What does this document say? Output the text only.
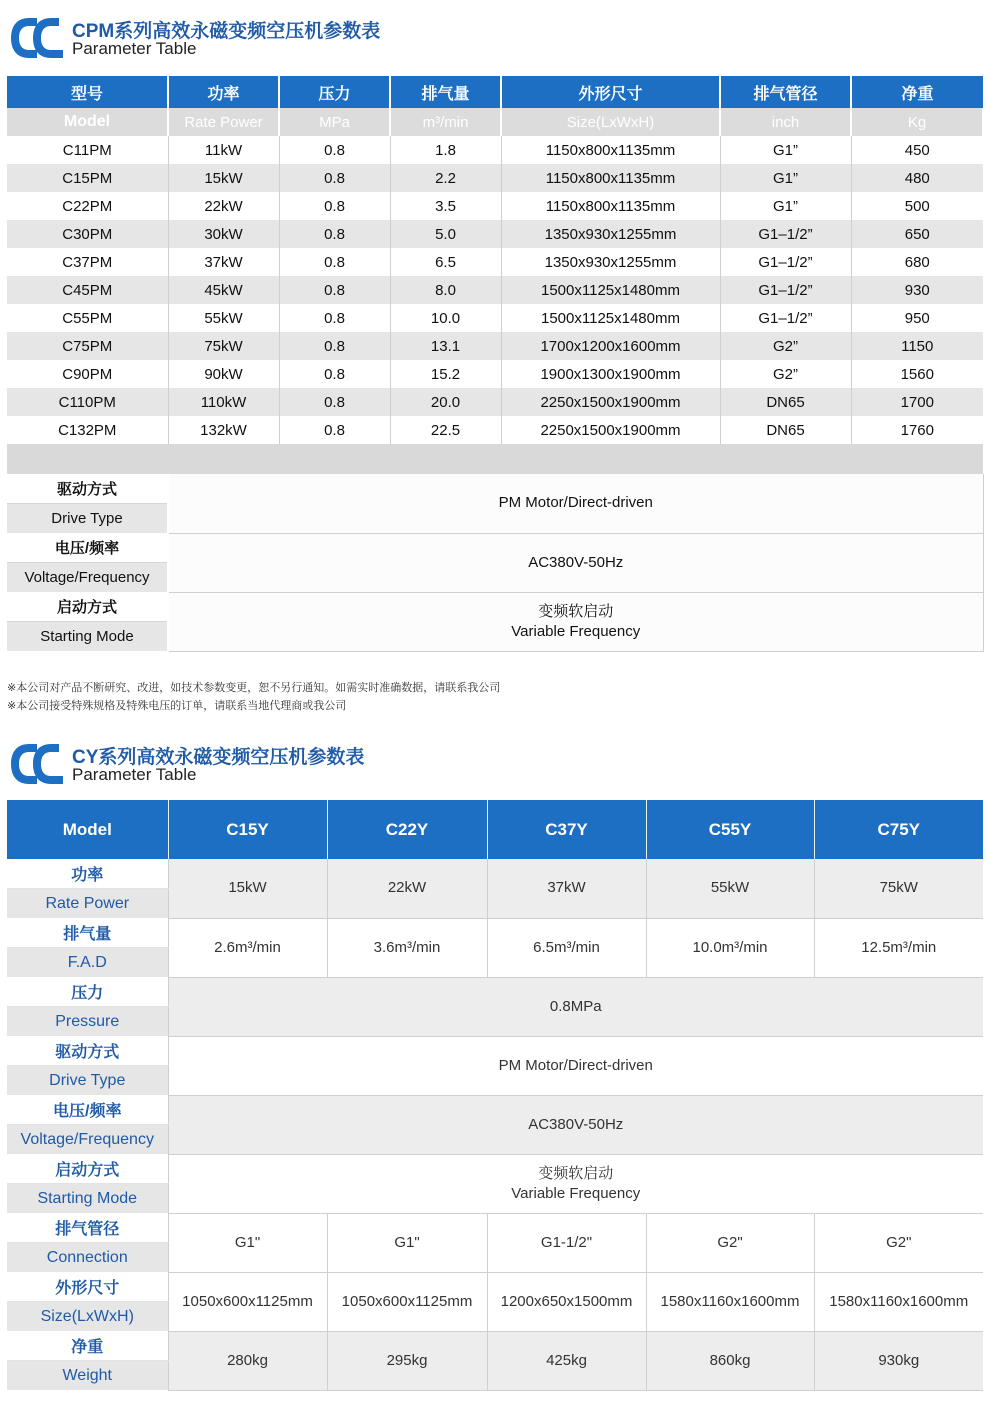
CPM系列高效永磁变频空压机参数表
Parameter Table
型号	功率	压力	排气量	外形尺寸	排气管径	净重
Model	Rate Power	MPa	m³/min	Size(LxWxH)	inch	Kg
C11PM	11kW	0.8	1.8	1150x800x1135mm	G1”	450
C15PM	15kW	0.8	2.2	1150x800x1135mm	G1”	480
C22PM	22kW	0.8	3.5	1150x800x1135mm	G1”	500
C30PM	30kW	0.8	5.0	1350x930x1255mm	G1–1/2”	650
C37PM	37kW	0.8	6.5	1350x930x1255mm	G1–1/2”	680
C45PM	45kW	0.8	8.0	1500x1125x1480mm	G1–1/2”	930
C55PM	55kW	0.8	10.0	1500x1125x1480mm	G1–1/2”	950
C75PM	75kW	0.8	13.1	1700x1200x1600mm	G2”	1150
C90PM	90kW	0.8	15.2	1900x1300x1900mm	G2”	1560
C110PM	110kW	0.8	20.0	2250x1500x1900mm	DN65	1700
C132PM	132kW	0.8	22.5	2250x1500x1900mm	DN65	1760

驱动方式	PM Motor/Direct-driven					
Drive Type						
电压/频率	AC380V-50Hz					
Voltage/Frequency						
启动方式	变频软启动
Variable Frequency					

Starting Mode						
※本公司对产品不断研究、改进，如技术参数变更，恕不另行通知。如需实时准确数据，请联系我公司
※本公司接受特殊规格及特殊电压的订单，请联系当地代理商或我公司
CY系列高效永磁变频空压机参数表
Parameter Table
Model	C15Y	C22Y	C37Y	C55Y	C75Y
功率	15kW	22kW	37kW	55kW	75kW
Rate Power					
排气量	2.6m³/min	3.6m³/min	6.5m³/min	10.0m³/min	12.5m³/min
F.A.D					
压力	0.8MPa				
Pressure					
驱动方式	PM Motor/Direct-driven				
Drive Type					
电压/频率	AC380V-50Hz				
Voltage/Frequency					
启动方式	变频软启动
Variable Frequency				

Starting Mode					
排气管径	G1"	G1"	G1-1/2"	G2"	G2"
Connection					
外形尺寸	1050x600x1125mm	1050x600x1125mm	1200x650x1500mm	1580x1160x1600mm	1580x1160x1600mm
Size(LxWxH)					
净重	280kg	295kg	425kg	860kg	930kg
Weight					
